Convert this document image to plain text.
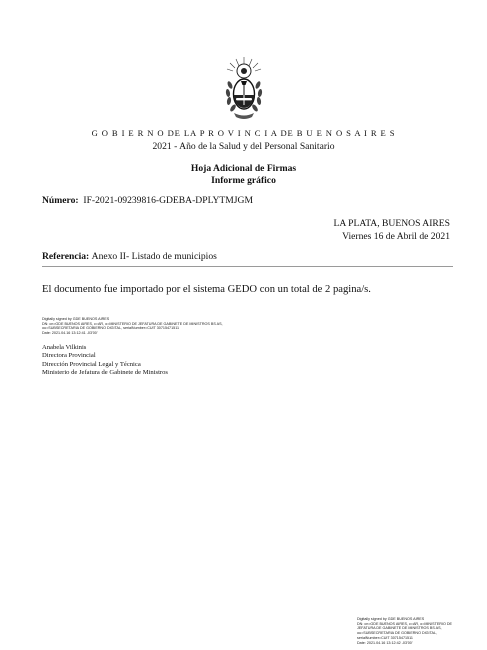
G O B I E R N O DE LA P R O V I N C I A DE B U E N O S A I R E S
2021 - Año de la Salud y del Personal Sanitario
Hoja Adicional de Firmas
Informe gráfico
Número: IF-2021-09239816-GDEBA-DPLYTMJGM
LA PLATA, BUENOS AIRES
Viernes 16 de Abril de 2021
Referencia: Anexo II- Listado de municipios
El documento fue importado por el sistema GEDO con un total de 2 pagina/s.
Digitally signed by GDE BUENOS AIRES
DN: cn=GDE BUENOS AIRES, c=AR, o=MINISTERIO DE JEFATURA DE GABINETE DE MINISTROS BS AS,
ou=SUBSECRETARIA DE GOBIERNO DIGITAL, serialNumber=CUIT 30715471511
Date: 2021.04.16 13:12:41 -03'00'
Anabela Vilkinis
Directora Provincial
Dirección Provincial Legal y Técnica
Ministerio de Jefatura de Gabinete de Ministros
Digitally signed by GDE BUENOS AIRES
DN: cn=GDE BUENOS AIRES, c=AR, o=MINISTERIO DE
JEFATURA DE GABINETE DE MINISTROS BS AS,
ou=SUBSECRETARIA DE GOBIERNO DIGITAL,
serialNumber=CUIT 30715471511
Date: 2021.04.16 13:12:42 -03'00'
